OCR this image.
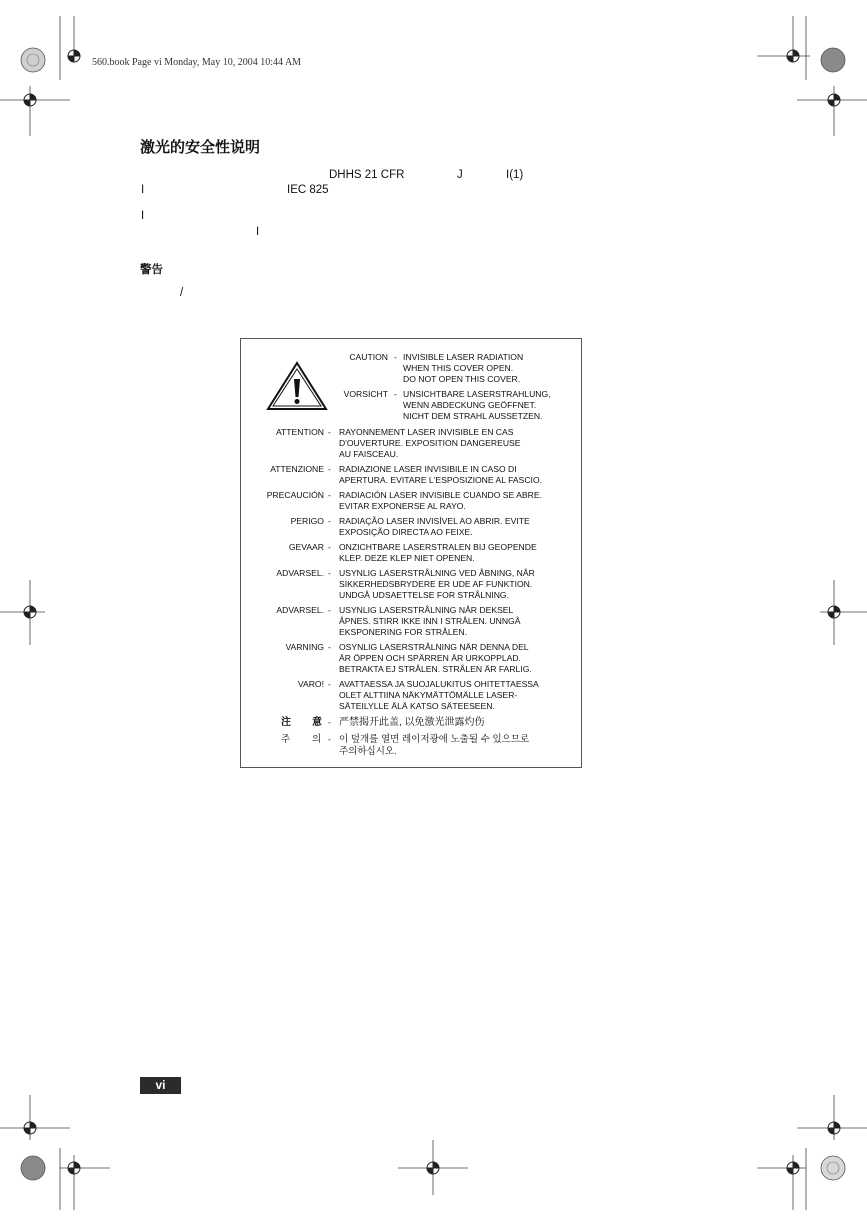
560.book Page vi Monday, May 10, 2004 10:44 AM
激光的安全性说明
DHHS 21 CFR	J	I(1)
I	IEC 825
I
I
警告
/
CAUTION - INVISIBLE LASER RADIATION
WHEN THIS COVER OPEN.
DO NOT OPEN THIS COVER.
VORSICHT - UNSICHTBARE LASERSTRAHLUNG,
WENN ABDECKUNG GEÖFFNET.
NICHT DEM STRAHL AUSSETZEN.
ATTENTION - RAYONNEMENT LASER INVISIBLE EN CAS
D'OUVERTURE. EXPOSITION DANGEREUSE
AU FAISCEAU.
ATTENZIONE - RADIAZIONE LASER INVISIBILE IN CASO DI
APERTURA. EVITARE L'ESPOSIZIONE AL FASCIO.
PRECAUCIÓN - RADIACIÓN LASER INVISIBLE CUANDO SE ABRE.
EVITAR EXPONERSE AL RAYO.
PERIGO - RADIAÇÃO LASER INVISÍVEL AO ABRIR. EVITE
EXPOSIÇÃO DIRECTA AO FEIXE.
GEVAAR - ONZICHTBARE LASERSTRALEN BIJ GEOPENDE
KLEP. DEZE KLEP NIET OPENEN.
ADVARSEL. - USYNLIG LASERSTRÅLNING VED ÅBNING, NÅR
SIKKERHEDSBRYDERE ER UDE AF FUNKTION.
UNDGÅ UDSAETTELSE FOR STRÅLNING.
ADVARSEL. - USYNLIG LASERSTRÅLNING NÅR DEKSEL
ÅPNES. STIRR IKKE INN I STRÅLEN. UNNGÅ
EKSPONERING FOR STRÅLEN.
VARNING - OSYNLIG LASERSTRÅLNING NÄR DENNA DEL
ÄR ÖPPEN OCH SPÄRREN ÄR URKOPPLAD.
BETRAKTA EJ STRÅLEN. STRÅLEN ÄR FARLIG.
VARO! - AVATTAESSA JA SUOJALUKITUS OHITETTAESSA
OLET ALTTIINA NÄKYMÄTTÖMÄLLE LASER-
SÄTEILYLLE ÄLÄ KATSO SÄTEESEEN.
注 意 - 严禁揭开此盖, 以免激光泄露灼伤
주 의 - 이 덮개를 열면 레이저광에 노출될 수 있으므로
주의하십시오.
vi
